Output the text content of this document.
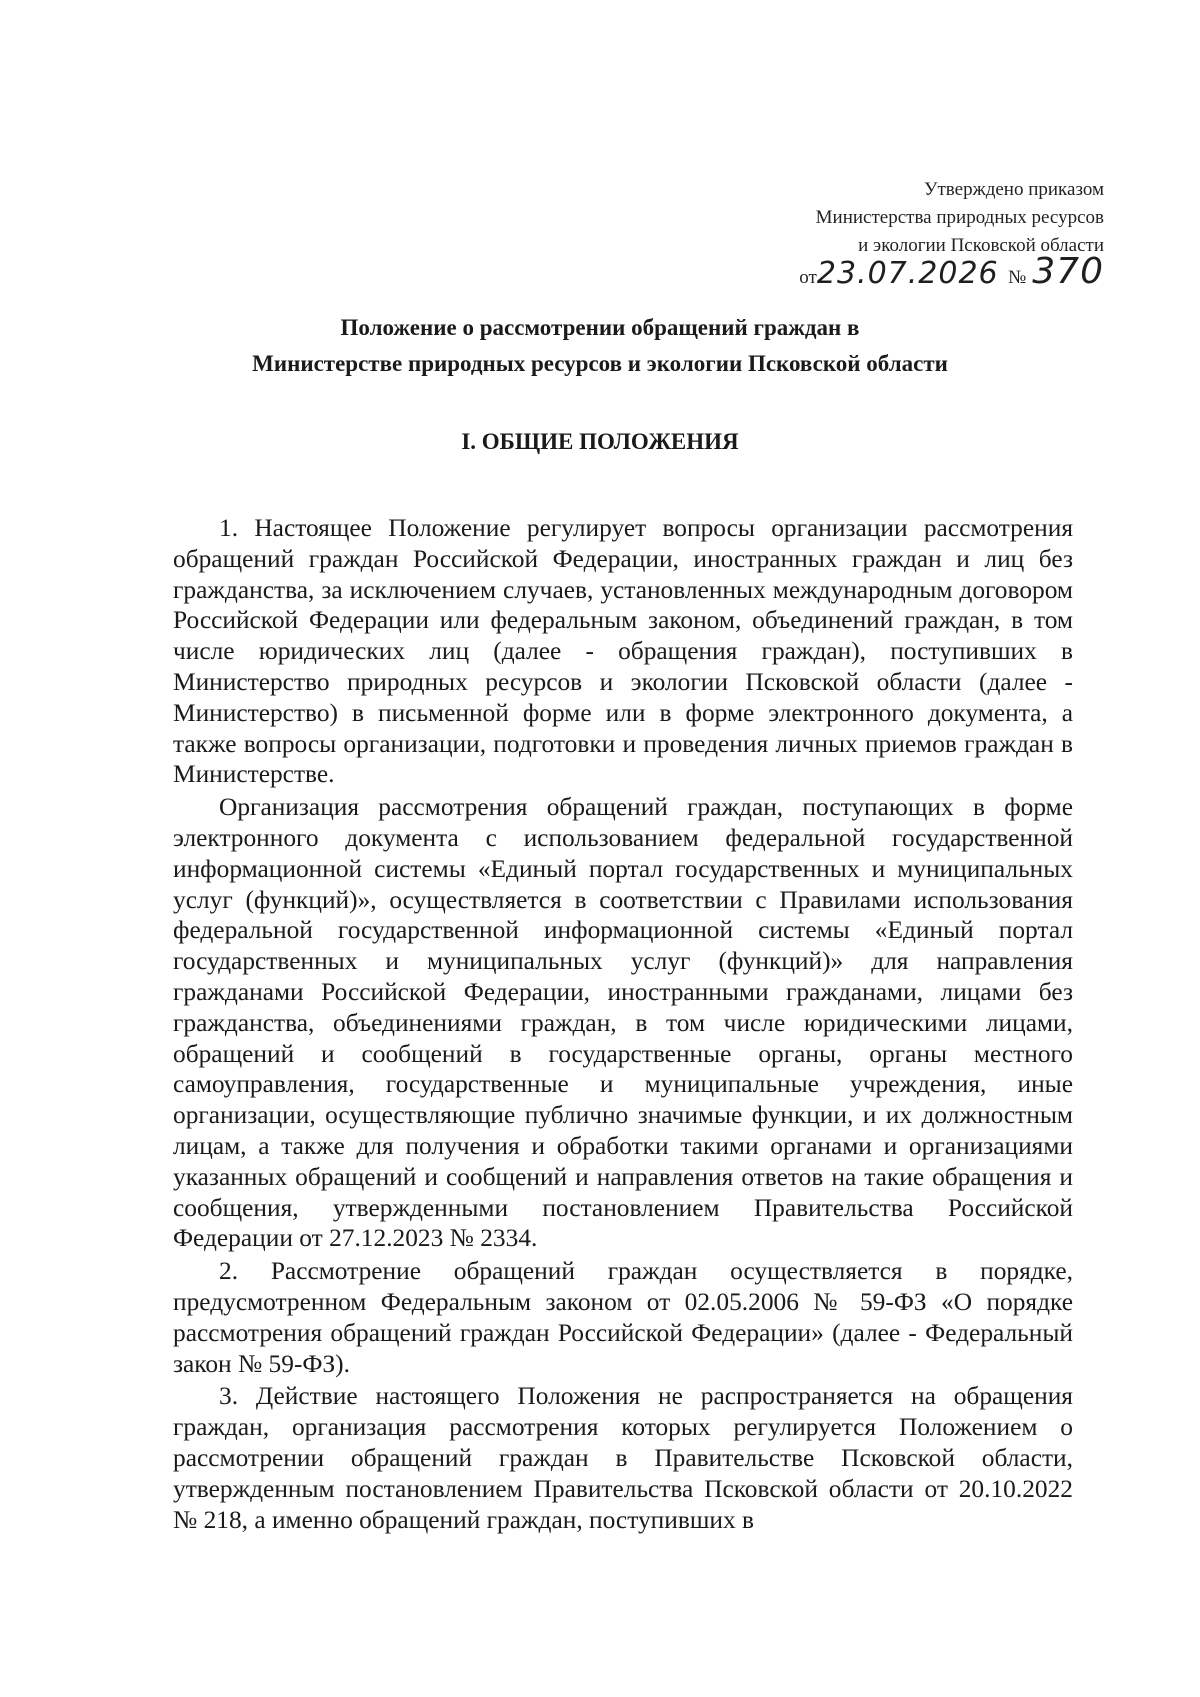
Утверждено приказом
Министерства природных ресурсов
и экологии Псковской области
от23.07.2026 № 370
Положение о рассмотрении обращений граждан в
Министерстве природных ресурсов и экологии Псковской области
I. ОБЩИЕ ПОЛОЖЕНИЯ

1. Настоящее Положение регулирует вопросы организации рассмотрения обращений граждан Российской Федерации, иностранных граждан и лиц без гражданства, за исключением случаев, установленных международным договором Российской Федерации или федеральным законом, объединений граждан, в том числе юридических лиц (далее - обращения граждан), поступивших в Министерство природных ресурсов и экологии Псковской области (далее - Министерство) в письменной форме или в форме электронного документа, а также вопросы организации, подготовки и проведения личных приемов граждан в Министерстве.

Организация рассмотрения обращений граждан, поступающих в форме электронного документа с использованием федеральной государственной информационной системы «Единый портал государственных и муниципальных услуг (функций)», осуществляется в соответствии с Правилами использования федеральной государственной информационной системы «Единый портал государственных и муниципальных услуг (функций)» для направления гражданами Российской Федерации, иностранными гражданами, лицами без гражданства, объединениями граждан, в том числе юридическими лицами, обращений и сообщений в государственные органы, органы местного самоуправления, государственные и муниципальные учреждения, иные организации, осуществляющие публично значимые функции, и их должностным лицам, а также для получения и обработки такими органами и организациями указанных обращений и сообщений и направления ответов на такие обращения и сообщения, утвержденными постановлением Правительства Российской Федерации от 27.12.2023 № 2334.

2. Рассмотрение обращений граждан осуществляется в порядке, предусмотренном Федеральным законом от 02.05.2006 № 59-ФЗ «О порядке рассмотрения обращений граждан Российской Федерации» (далее - Федеральный закон № 59-ФЗ).

3. Действие настоящего Положения не распространяется на обращения граждан, организация рассмотрения которых регулируется Положением о рассмотрении обращений граждан в Правительстве Псковской области, утвержденным постановлением Правительства Псковской области от 20.10.2022 № 218, а именно обращений граждан, поступивших в
